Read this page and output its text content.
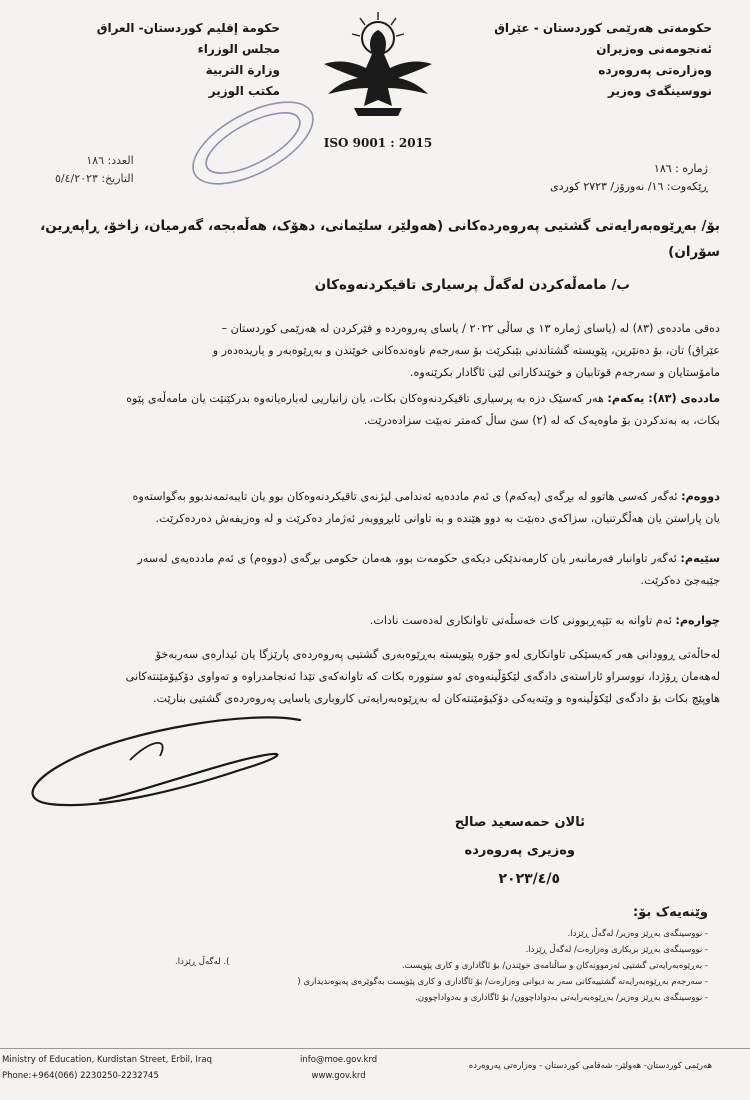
حکومەتی هەرێمی کوردستان - عێراق
ئەنجومەنی وەزیران
وەزارەتی پەروەردە
نووسینگەی وەزیر
حكومة إقليم كوردستان- العراق
مجلس الوزراء
وزارة التربية
مكتب الوزير
ISO 9001 : 2015
ژمارە : ١٨٦
ڕێکەوت: ١٦/ نەورۆز/ ٢٧٢٣ کوردی
العدد: ١٨٦
التاريخ: ٥/٤/٢٠٢٣
بۆ/ بەڕێوەبەرایەتی گشتیی پەروەردەکانی (هەولێر، سلێمانی، دهۆک، هەڵەبجە، گەرمیان، زاخۆ، ڕاپەڕین،
سۆران)
ب/ مامەڵەکردن لەگەڵ پرسیاری تاقیکردنەوەکان
دەقی ماددەی (٨٣) لە (یاسای ژمارە ١٣ ی ساڵی ٢٠٢٢ / یاسای پەروەردە و فێرکردن لە هەرێمی کوردستان –
عێراق) تان، بۆ دەنێرین، پێویستە گشتاندنی بێبکرێت بۆ سەرجەم ناوەندەکانی خوێندن و بەڕێوەبەر و یاریدەدەر و
مامۆستایان و سەرجەم قوتابیان و خوێندکارانی لێی ئاگادار بکرێنەوە.
ماددەی (٨٣): یەکەم: هەر کەسێک دزە بە پرسیاری تاقیکردنەوەکان بکات، یان زانیاریی لەبارەیانەوە بدرکێنێت یان مامەڵەی پێوە
بکات، بە بەندکردن بۆ ماوەیەک کە لە (٢) سێ ساڵ کەمتر نەبێت سزادەدرێت.
دووەم: ئەگەر کەسی هاتوو لە بڕگەی (یەکەم) ی ئەم ماددەیە ئەندامی لیژنەی تاقیکردنەوەکان بوو یان تایبەتمەندبوو بەگواستەوە
یان پاراستن یان هەڵگرتنیان، سزاکەی دەبێت بە دوو هێندە و بە تاوانی ئابڕووبەر ئەژمار دەکرێت و لە وەزیفەش دەردەکرێت.
سێیەم: ئەگەر تاوانبار فەرمانبەر یان کارمەندێکی دیکەی حکومەت بوو، هەمان حکومی بڕگەی (دووەم) ی ئەم ماددەیەی لەسەر
جێبەجێ دەکرێت.
چوارەم: ئەم تاوانە بە تێپەڕبوونی کات خەسڵەتی تاوانکاری لەدەست نادات.
لەحاڵەتی ڕوودانی هەر کەیسێکی تاوانکاری لەو جۆرە پێویستە بەڕێوەبەری گشتیی پەروەردەی پارێزگا یان ئیدارەی سەربەخۆ
لەهەمان ڕۆژدا، نووسراو ئاراستەی دادگەی لێکۆڵینەوەی ئەو سنوورە بکات کە تاوانەکەی تێدا ئەنجامدراوە و تەواوی دۆکیۆمێنتەکانی
هاوپێچ بکات بۆ دادگەی لێکۆڵینەوە و وێنەیەکی دۆکیۆمێنتەکان لە بەڕێوەبەرایەتی کاروباری یاسایی پەروەردەی گشتیی بنارێت.
ئالان حمەسعید صالح
وەزیری پەروەردە
٢٠٢٣/٤/٥
وێنەیەک بۆ:
- نووسینگەی بەڕێز وەزیر/ لەگەڵ ڕێزدا.
- نووسینگەی بەڕێز بریکاری وەزارەت/ لەگەڵ ڕێزدا.
- بەڕێوەبەرایەتی گشتیی ئەزموونەکان و ساڵنامەی خوێندن/ بۆ ئاگاداری و کاری پێویست.
- سەرجەم بەڕێوەبەرایەتە گشتییەکانی سەر بە دیوانی وەزارەت/ بۆ ئاگاداری و کاری پێویست بەگوێرەی پەیوەندیداری (
- نووسینگەی بەڕێز وەزیر/ بەڕێوەبەرایەتی بەدواداچوون/ بۆ ئاگاداری و بەدواداچوون.
). لەگەڵ ڕێزدا.
Ministry of Education, Kurdistan Street, Erbil, Iraq
Phone:+964(066) 2230250-2232745
info@moe.gov.krd
www.gov.krd
هەرێمی کوردستان- هەولێر- شەقامی کوردستان - وەزارەتی پەروەردە
